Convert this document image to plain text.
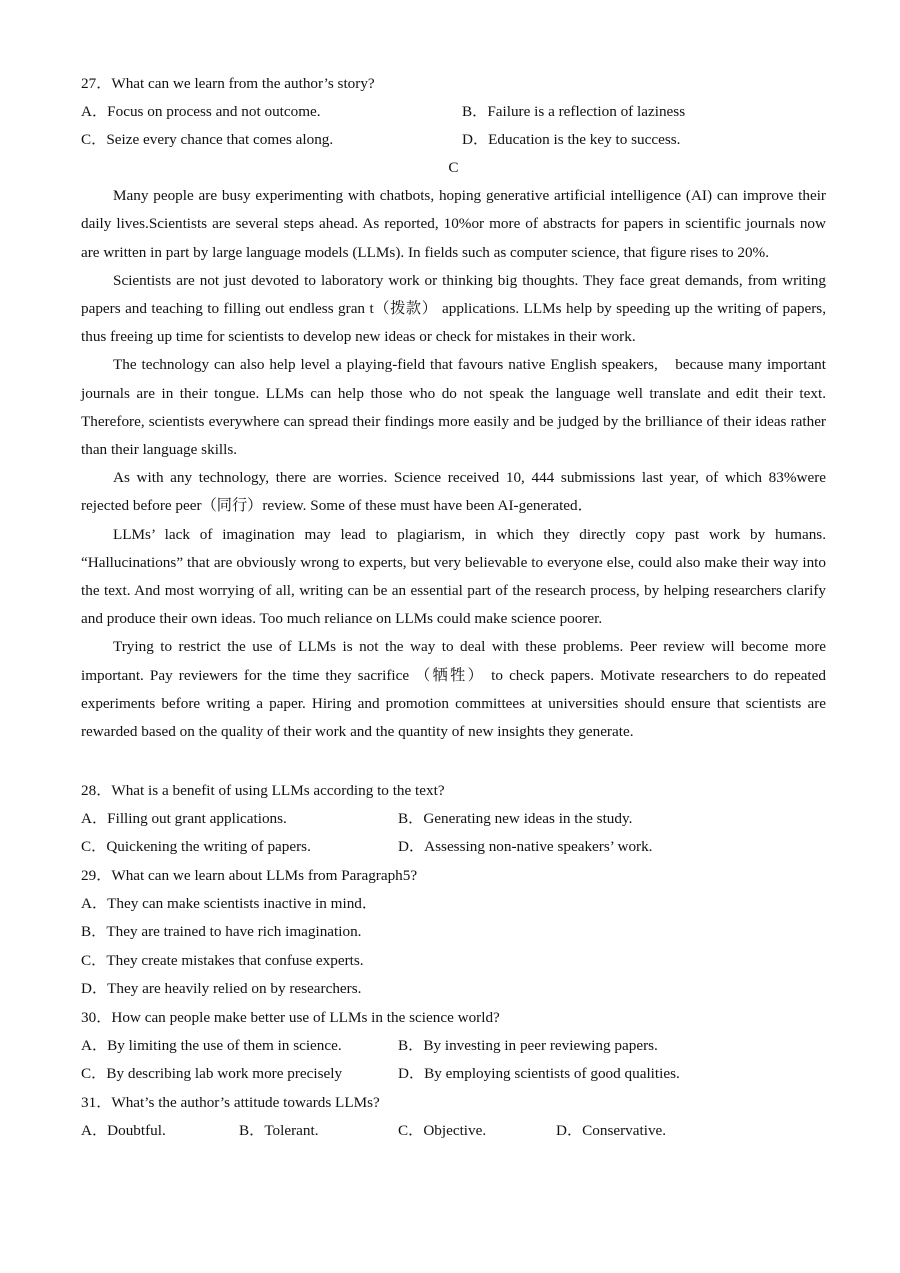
27．What can we learn from the author’s story?
A．Focus on process and not outcome.	B．Failure is a reflection of laziness
C．Seize every chance that comes along.	D．Education is the key to success.
C

Many people are busy experimenting with chatbots, hoping generative artificial intelligence (AI) can improve their daily lives.Scientists are several steps ahead. As reported, 10%or more of abstracts for papers in scientific journals now are written in part by large language models (LLMs). In fields such as computer science, that figure rises to 20%.

Scientists are not just devoted to laboratory work or thinking big thoughts. They face great demands, from writing papers and teaching to filling out endless gran t（拨款） applications. LLMs help by speeding up the writing of papers, thus freeing up time for scientists to develop new ideas or check for mistakes in their work.

The technology can also help level a playing-field that favours native English speakers,　because many important journals are in their tongue. LLMs can help those who do not speak the language well translate and edit their text. Therefore, scientists everywhere can spread their findings more easily and be judged by the brilliance of their ideas rather than their language skills.

As with any technology, there are worries. Science received 10, 444 submissions last year, of which 83%were rejected before peer（同行）review. Some of these must have been AI-generated．

LLMs’ lack of imagination may lead to plagiarism, in which they directly copy past work by humans. “Hallucinations” that are obviously wrong to experts, but very believable to everyone else, could also make their way into the text. And most worrying of all, writing can be an essential part of the research process, by helping researchers clarify and produce their own ideas. Too much reliance on LLMs could make science poorer.

Trying to restrict the use of LLMs is not the way to deal with these problems. Peer review will become more important. Pay reviewers for the time they sacrifice （牺牲） to check papers. Motivate researchers to do repeated experiments before writing a paper. Hiring and promotion committees at universities should ensure that scientists are rewarded based on the quality of their work and the quantity of new insights they generate.

28．What is a benefit of using LLMs according to the text?
A．Filling out grant applications.	B．Generating new ideas in the study.
C．Quickening the writing of papers.	D．Assessing non-native speakers’ work.
29．What can we learn about LLMs from Paragraph5?
A．They can make scientists inactive in mind．
B．They are trained to have rich imagination.
C．They create mistakes that confuse experts.
D．They are heavily relied on by researchers.
30．How can people make better use of LLMs in the science world?
A．By limiting the use of them in science.	B．By investing in peer reviewing papers.
C．By describing lab work more precisely	D．By employing scientists of good qualities.
31．What’s the author’s attitude towards LLMs?
A．Doubtful.	B．Tolerant.	C．Objective.	D．Conservative.
